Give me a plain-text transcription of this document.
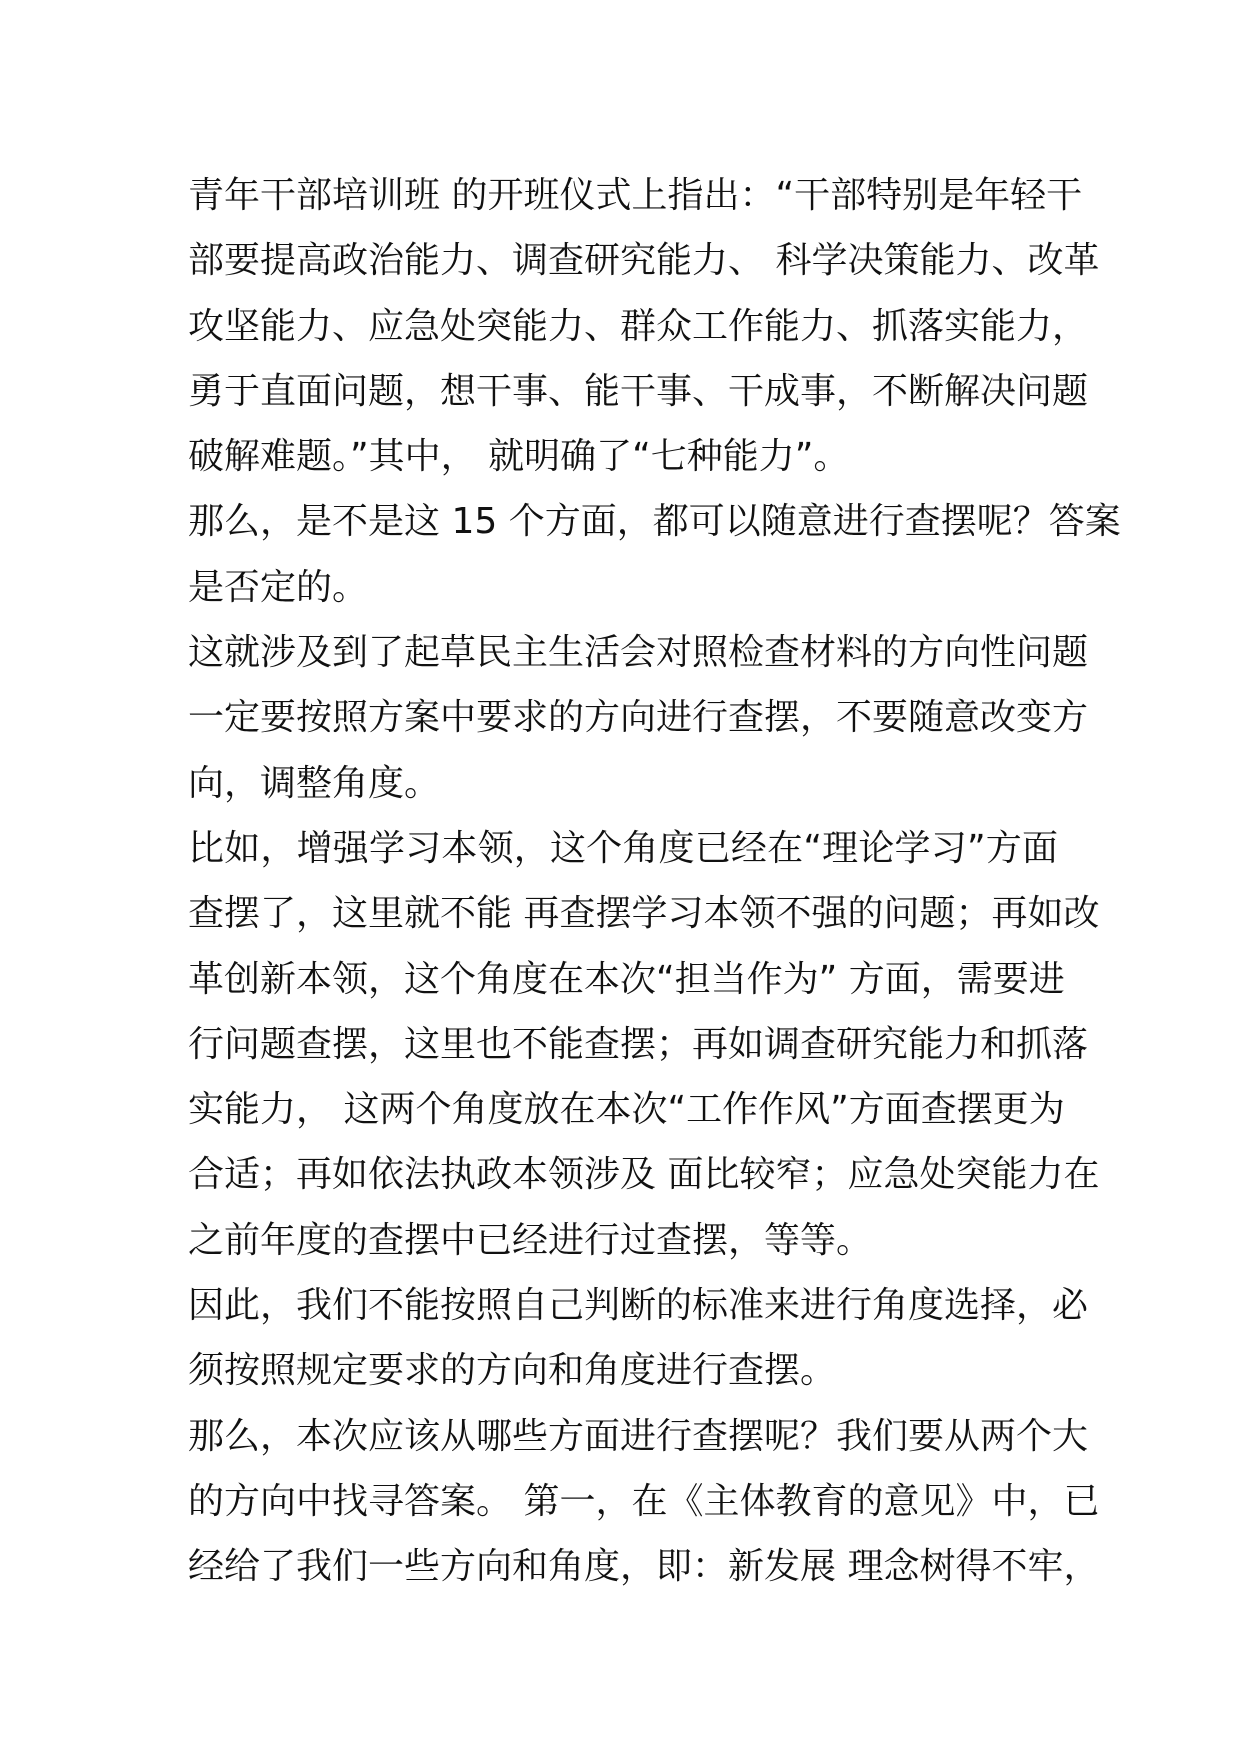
青年干部培训班 的开班仪式上指出：“干部特别是年轻干
部要提高政治能力、调查研究能力、 科学决策能力、改革
攻坚能力、应急处突能力、群众工作能力、抓落实能力，
勇于直面问题，想干事、能干事、干成事，不断解决问题
破解难题。”其中， 就明确了“七种能力”。
那么，是不是这 15 个方面，都可以随意进行查摆呢？答案
是否定的。
这就涉及到了起草民主生活会对照检查材料的方向性问题
一定要按照方案中要求的方向进行查摆，不要随意改变方
向，调整角度。
比如，增强学习本领，这个角度已经在“理论学习”方面
查摆了，这里就不能 再查摆学习本领不强的问题；再如改
革创新本领，这个角度在本次“担当作为” 方面，需要进
行问题查摆，这里也不能查摆；再如调查研究能力和抓落
实能力， 这两个角度放在本次“工作作风”方面查摆更为
合适；再如依法执政本领涉及 面比较窄；应急处突能力在
之前年度的查摆中已经进行过查摆，等等。
因此，我们不能按照自己判断的标准来进行角度选择，必
须按照规定要求的方向和角度进行查摆。
那么，本次应该从哪些方面进行查摆呢？我们要从两个大
的方向中找寻答案。 第一，在《主体教育的意见》中，已
经给了我们一些方向和角度，即：新发展 理念树得不牢，
